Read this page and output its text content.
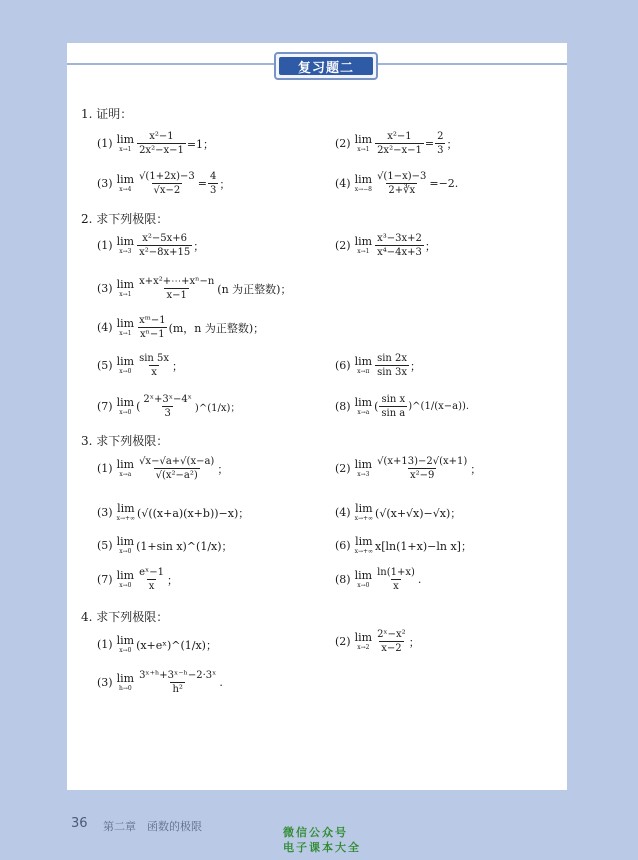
复习题二
1. 证明：
(1) lim
$x\to 1 \frac{\text{x²−1}}{\text{2x²−x−1}} =1$；	(2) lim
$x\to 1 \frac{\text{x²−1}}{\text{2x²−x−1}} = \frac{2}{3}$ ；
(3) lim
$x\to 4 \frac{√(1+2x)-3}{√x-2} = \frac{4}{3}$ ；	(4) lim
$x\to-8 \frac{√(1-x)-3}{2+∛x} =-2$.
2. 求下列极限：
(1) lim
$x\to 3 \frac{\text{x²−5x+6}}{\text{x²−8x+15}}$ ；	(2) lim
$x\to 1 \frac{\text{x³−3x+2}}{\text{x⁴−4x+3}}$ ；
(3) lim
$x\to 1 \frac{\text{x+x²+⋯+xⁿ−n}}{x-1} (n$ 为正整数)；
(4) lim
$x\to 1 \frac{\text{xᵐ−1}}{\text{xⁿ−1}} (m$，n 为正整数)；
(5) lim
$x\to 0 \frac{\sin 5x}{x}$ ；	(6) lim
$x\to\pi \frac{\sin 2x}{\sin 3x}$ ；
(7) lim
x→0 ( $\frac{\text{2ˣ+3ˣ−4ˣ}}{3}$ )^(1/x)；	(8) lim
x→a ( $\frac{\text{sin x}}{\text{sin a}}$ )^(1/(x−a)).
3. 求下列极限：
(1) lim
$x\to a \frac{√x-√a+√(x-a)}{\text{√(x²−a²)}}$ ；	(2) lim
$x\to 3 \frac{√(x+13)-2√(x+1)}{\text{x²−9}}$ ；
(3) lim
x→+∞ (√((x+a)(x+b))−x)；	(4) lim
x→+∞ (√(x+√x)−√x)；
(5) lim
x→0 (1+sin x)^(1/x)；	(6) lim
x→+∞ x[ln(1+x)−ln x]；
(7) lim
$x\to 0 \frac{\text{eˣ−1}}{x}$ ；	(8) lim
$x\to 0 \frac{\ln(1+x)}{x}$ .
4. 求下列极限：
(1) lim
x→0 (x+eˣ)^(1/x)；	(2) lim
$x\to 2 \frac{\text{2ˣ−x²}}{x-2}$ ；
(3) lim
$h\to 0 \frac{\text{3ˣ⁺ʰ+3ˣ⁻ʰ−2·3ˣ}}{\text{h²}}$ .
36 第二章　函数的极限	微信公众号
电子课本大全
